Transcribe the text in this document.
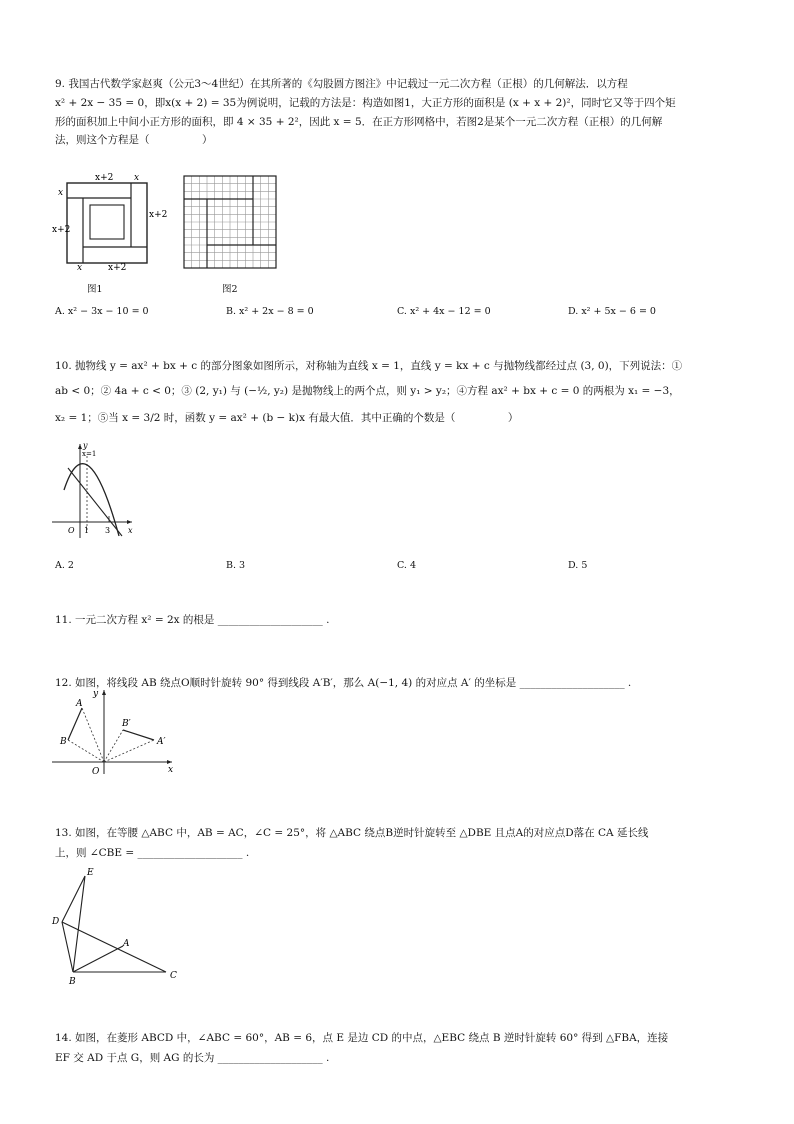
9. 我国古代数学家赵爽（公元3～4世纪）在其所著的《勾股圆方图注》中记载过一元二次方程（正根）的几何解法．以方程
x² + 2x − 35 = 0，即x(x + 2) = 35为例说明，记载的方法是：构造如图1，大正方形的面积是 (x + x + 2)²，同时它又等于四个矩
形的面积加上中间小正方形的面积，即 4 × 35 + 2²，因此 x = 5．在正方形网格中，若图2是某个一元二次方程（正根）的几何解
法，则这个方程是（　　　　　）
x+2 x
x
x+2
x+2
x	x+2
图1	图2
A. x² − 3x − 10 = 0	B. x² + 2x − 8 = 0	C. x² + 4x − 12 = 0	D. x² + 5x − 6 = 0
10. 抛物线 y = ax² + bx + c 的部分图象如图所示，对称轴为直线 x = 1，直线 y = kx + c 与抛物线都经过点 (3, 0)，下列说法：①
ab < 0；② 4a + c < 0；③ (2, y₁) 与 (−½, y₂) 是抛物线上的两个点，则 y₁ > y₂；④方程 ax² + bx + c = 0 的两根为 x₁ = −3，
x₂ = 1；⑤当 x = 3/2 时，函数 y = ax² + (b − k)x 有最大值．其中正确的个数是（　　　　　）
y
x=1
x
O 1 3
A. 2	B. 3	C. 4	D. 5
11. 一元二次方程 x² = 2x 的根是 ____________________ .
12. 如图，将线段 AB 绕点O顺时针旋转 90° 得到线段 A′B′，那么 A(−1, 4) 的对应点 A′ 的坐标是 ____________________ .
A
B
B′
A′
O	x
y
13. 如图，在等腰 △ABC 中，AB = AC，∠C = 25°，将 △ABC 绕点B逆时针旋转至 △DBE 且点A的对应点D落在 CA 延长线
上，则 ∠CBE = ____________________ .
E
D
A
B
C
14. 如图，在菱形 ABCD 中，∠ABC = 60°，AB = 6，点 E 是边 CD 的中点，△EBC 绕点 B 逆时针旋转 60° 得到 △FBA，连接
EF 交 AD 于点 G，则 AG 的长为 ____________________ .
